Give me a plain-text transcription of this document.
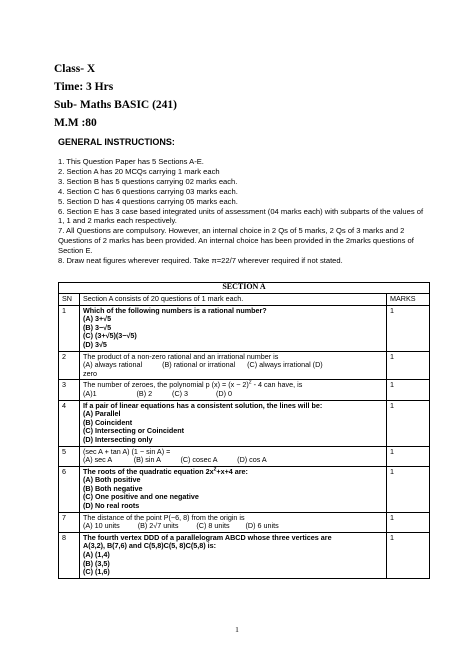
Class- X
Time: 3 Hrs
Sub- Maths BASIC (241)
M.M :80
GENERAL INSTRUCTIONS:
1. This Question Paper has 5 Sections A-E.
2. Section A has 20 MCQs carrying 1 mark each
3. Section B has 5 questions carrying 02 marks each.
4. Section C has 6 questions carrying 03 marks each.
5. Section D has 4 questions carrying 05 marks each.
6. Section E has 3 case based integrated units of assessment (04 marks each) with subparts of the values of 1, 1 and 2 marks each respectively.
7. All Questions are compulsory. However, an internal choice in 2 Qs of 5 marks, 2 Qs of 3 marks and 2 Questions of 2 marks has been provided. An internal choice has been provided in the 2marks questions of Section E.
8. Draw neat figures wherever required. Take π=22/7 wherever required if not stated.
SECTION A		
SN	Section A consists of 20 questions of 1 mark each.	MARKS
1	Which of the following numbers is a rational number?
(A) 3+√5
(B) 3−√5
(C) (3+√5)(3−√5)
(D) 3√5	1
2	The product of a non-zero rational and an irrational number is
(A) always rational          (B) rational or irrational      (C) always irrational (D)
zero	1
3	The number of zeroes, the polynomial p $(x) = (x - 2)^2 - 4$ can have, is
(A)1                    (B) 2          (C) 3              (D) 0	1
4	If a pair of linear equations has a consistent solution, the lines will be:
(A) Parallel
(B) Coincident
(C) Intersecting or Coincident
(D) Intersecting only	1
5	(sec A + tan A) (1 − sin A) =
(A) sec A           (B) sin A          (C) cosec A          (D) cos A	1
6	The roots of the quadratic equation $2x^2+x+4$ are:
(A) Both positive
(B) Both negative
(C) One positive and one negative
(D) No real roots	1
7	The distance of the point P(−6, 8) from the origin is
(A) 10 units         (B) 2√7 units         (C) 8 units        (D) 6 units	1
8	The fourth vertex DDD of a parallelogram ABCD whose three vertices are
A(3,2), B(7,6) and C(5,8)C(5, 8)C(5,8) is:
(A) (1,4)
(B) (3,5)
(C) (1,6)	1
1
